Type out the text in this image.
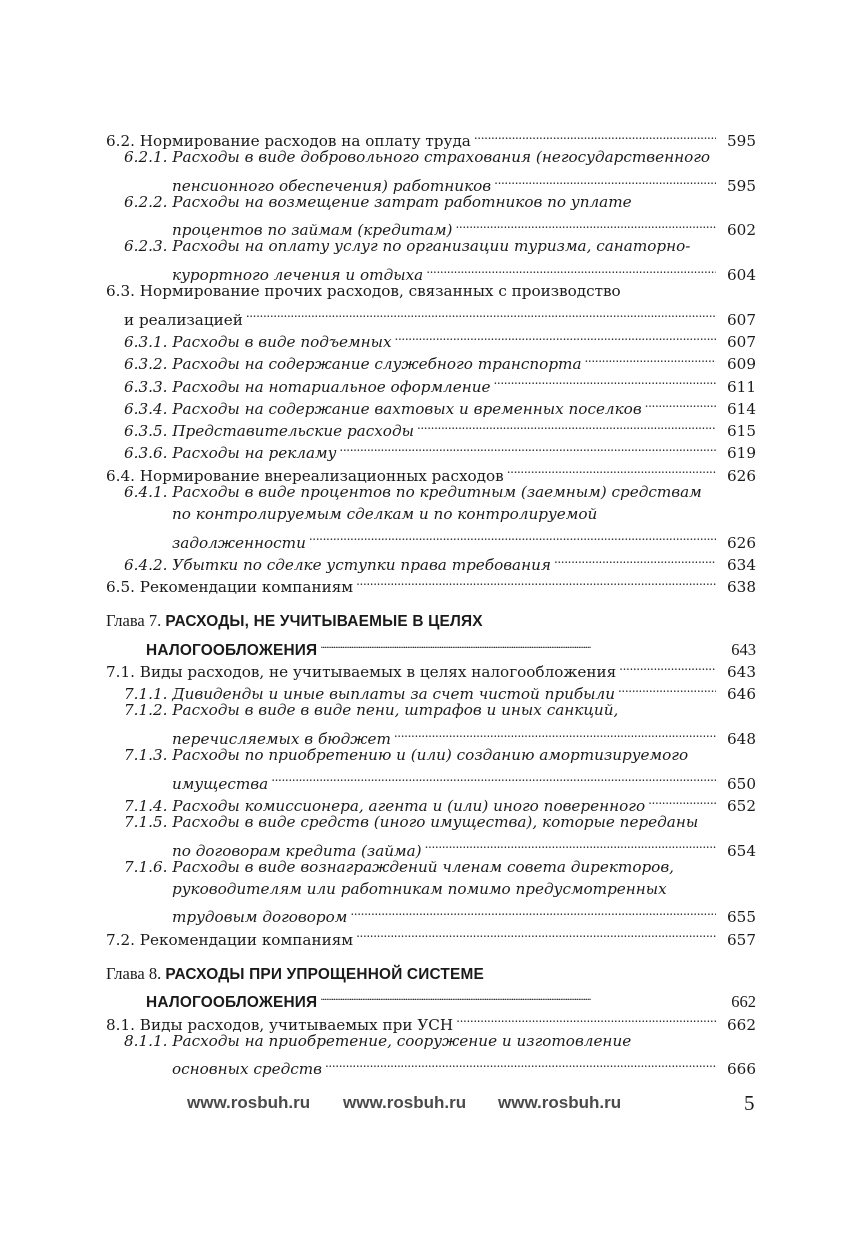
6.2. Нормирование расходов на оплату труда . . .	595
6.2.1. Расходы в виде добровольного страхования (негосударственного
пенсионного обеспечения) работников . . .	595
6.2.2. Расходы на возмещение затрат работников по уплате
процентов по займам (кредитам) . . .	602
6.2.3. Расходы на оплату услуг по организации туризма, санаторно-
курортного лечения и отдыха . . .	604
6.3. Нормирование прочих расходов, связанных с производство
и реализацией . . .	607
6.3.1. Расходы в виде подъемных . . .	607
6.3.2. Расходы на содержание служебного транспорта . . .	609
6.3.3. Расходы на нотариальное оформление . . .	611
6.3.4. Расходы на содержание вахтовых и временных поселков . . .	614
6.3.5. Представительские расходы . . .	615
6.3.6. Расходы на рекламу . . .	619
6.4. Нормирование внереализационных расходов . . .	626
6.4.1. Расходы в виде процентов по кредитным (заемным) средствам
по контролируемым сделкам и по контролируемой
задолженности . . .	626
6.4.2. Убытки по сделке уступки права требования . . .	634
6.5. Рекомендации компаниям . . .	638
Глава 7. РАСХОДЫ, НЕ УЧИТЫВАЕМЫЕ В ЦЕЛЯХ
НАЛОГООБЛОЖЕНИЯ . . .	643
7.1. Виды расходов, не учитываемых в целях налогообложения . . .	643
7.1.1. Дивиденды и иные выплаты за счет чистой прибыли . . .	646
7.1.2. Расходы в виде в виде пени, штрафов и иных санкций,
перечисляемых в бюджет . . .	648
7.1.3. Расходы по приобретению и (или) созданию амортизируемого
имущества . . .	650
7.1.4. Расходы комиссионера, агента и (или) иного поверенного . . .	652
7.1.5. Расходы в виде средств (иного имущества), которые переданы
по договорам кредита (займа) . . .	654
7.1.6. Расходы в виде вознаграждений членам совета директоров,
руководителям или работникам помимо предусмотренных
трудовым договором . . .	655
7.2. Рекомендации компаниям . . .	657
Глава 8. РАСХОДЫ ПРИ УПРОЩЕННОЙ СИСТЕМЕ
НАЛОГООБЛОЖЕНИЯ . . .	662
8.1. Виды расходов, учитываемых при УСН . . .	662
8.1.1. Расходы на приобретение, сооружение и изготовление
основных средств . . .	666
www.rosbuh.ru www.rosbuh.ru www.rosbuh.ru	5
